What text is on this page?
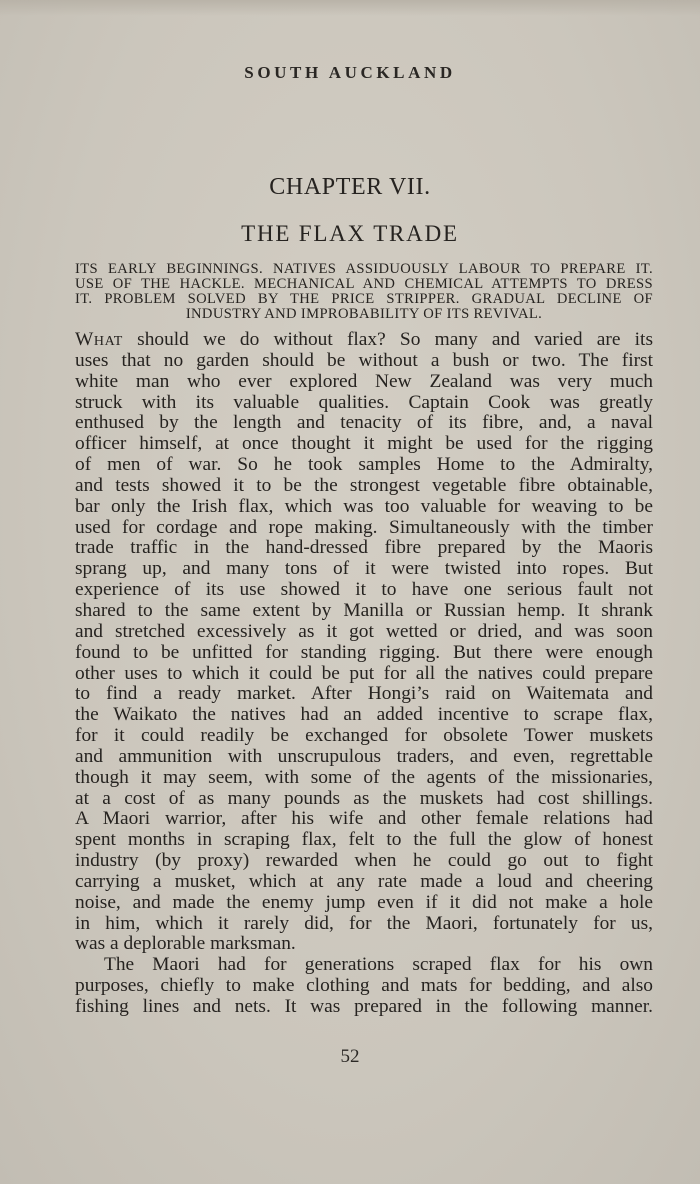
SOUTH AUCKLAND
CHAPTER VII.
THE FLAX TRADE
ITS EARLY BEGINNINGS. NATIVES ASSIDUOUSLY LABOUR TO PREPARE IT.
USE OF THE HACKLE. MECHANICAL AND CHEMICAL ATTEMPTS TO DRESS
IT. PROBLEM SOLVED BY THE PRICE STRIPPER. GRADUAL DECLINE OF
INDUSTRY AND IMPROBABILITY OF ITS REVIVAL.
What should we do without flax? So many and varied are its
uses that no garden should be without a bush or two. The first
white man who ever explored New Zealand was very much
struck with its valuable qualities. Captain Cook was greatly
enthused by the length and tenacity of its fibre, and, a naval
officer himself, at once thought it might be used for the rigging
of men of war. So he took samples Home to the Admiralty,
and tests showed it to be the strongest vegetable fibre obtainable,
bar only the Irish flax, which was too valuable for weaving to be
used for cordage and rope making. Simultaneously with the timber
trade traffic in the hand-dressed fibre prepared by the Maoris
sprang up, and many tons of it were twisted into ropes. But
experience of its use showed it to have one serious fault not
shared to the same extent by Manilla or Russian hemp. It shrank
and stretched excessively as it got wetted or dried, and was soon
found to be unfitted for standing rigging. But there were enough
other uses to which it could be put for all the natives could prepare
to find a ready market. After Hongi’s raid on Waitemata and
the Waikato the natives had an added incentive to scrape flax,
for it could readily be exchanged for obsolete Tower muskets
and ammunition with unscrupulous traders, and even, regrettable
though it may seem, with some of the agents of the missionaries,
at a cost of as many pounds as the muskets had cost shillings.
A Maori warrior, after his wife and other female relations had
spent months in scraping flax, felt to the full the glow of honest
industry (by proxy) rewarded when he could go out to fight
carrying a musket, which at any rate made a loud and cheering
noise, and made the enemy jump even if it did not make a hole
in him, which it rarely did, for the Maori, fortunately for us,
was a deplorable marksman.
The Maori had for generations scraped flax for his own
purposes, chiefly to make clothing and mats for bedding, and also
fishing lines and nets. It was prepared in the following manner.
52
